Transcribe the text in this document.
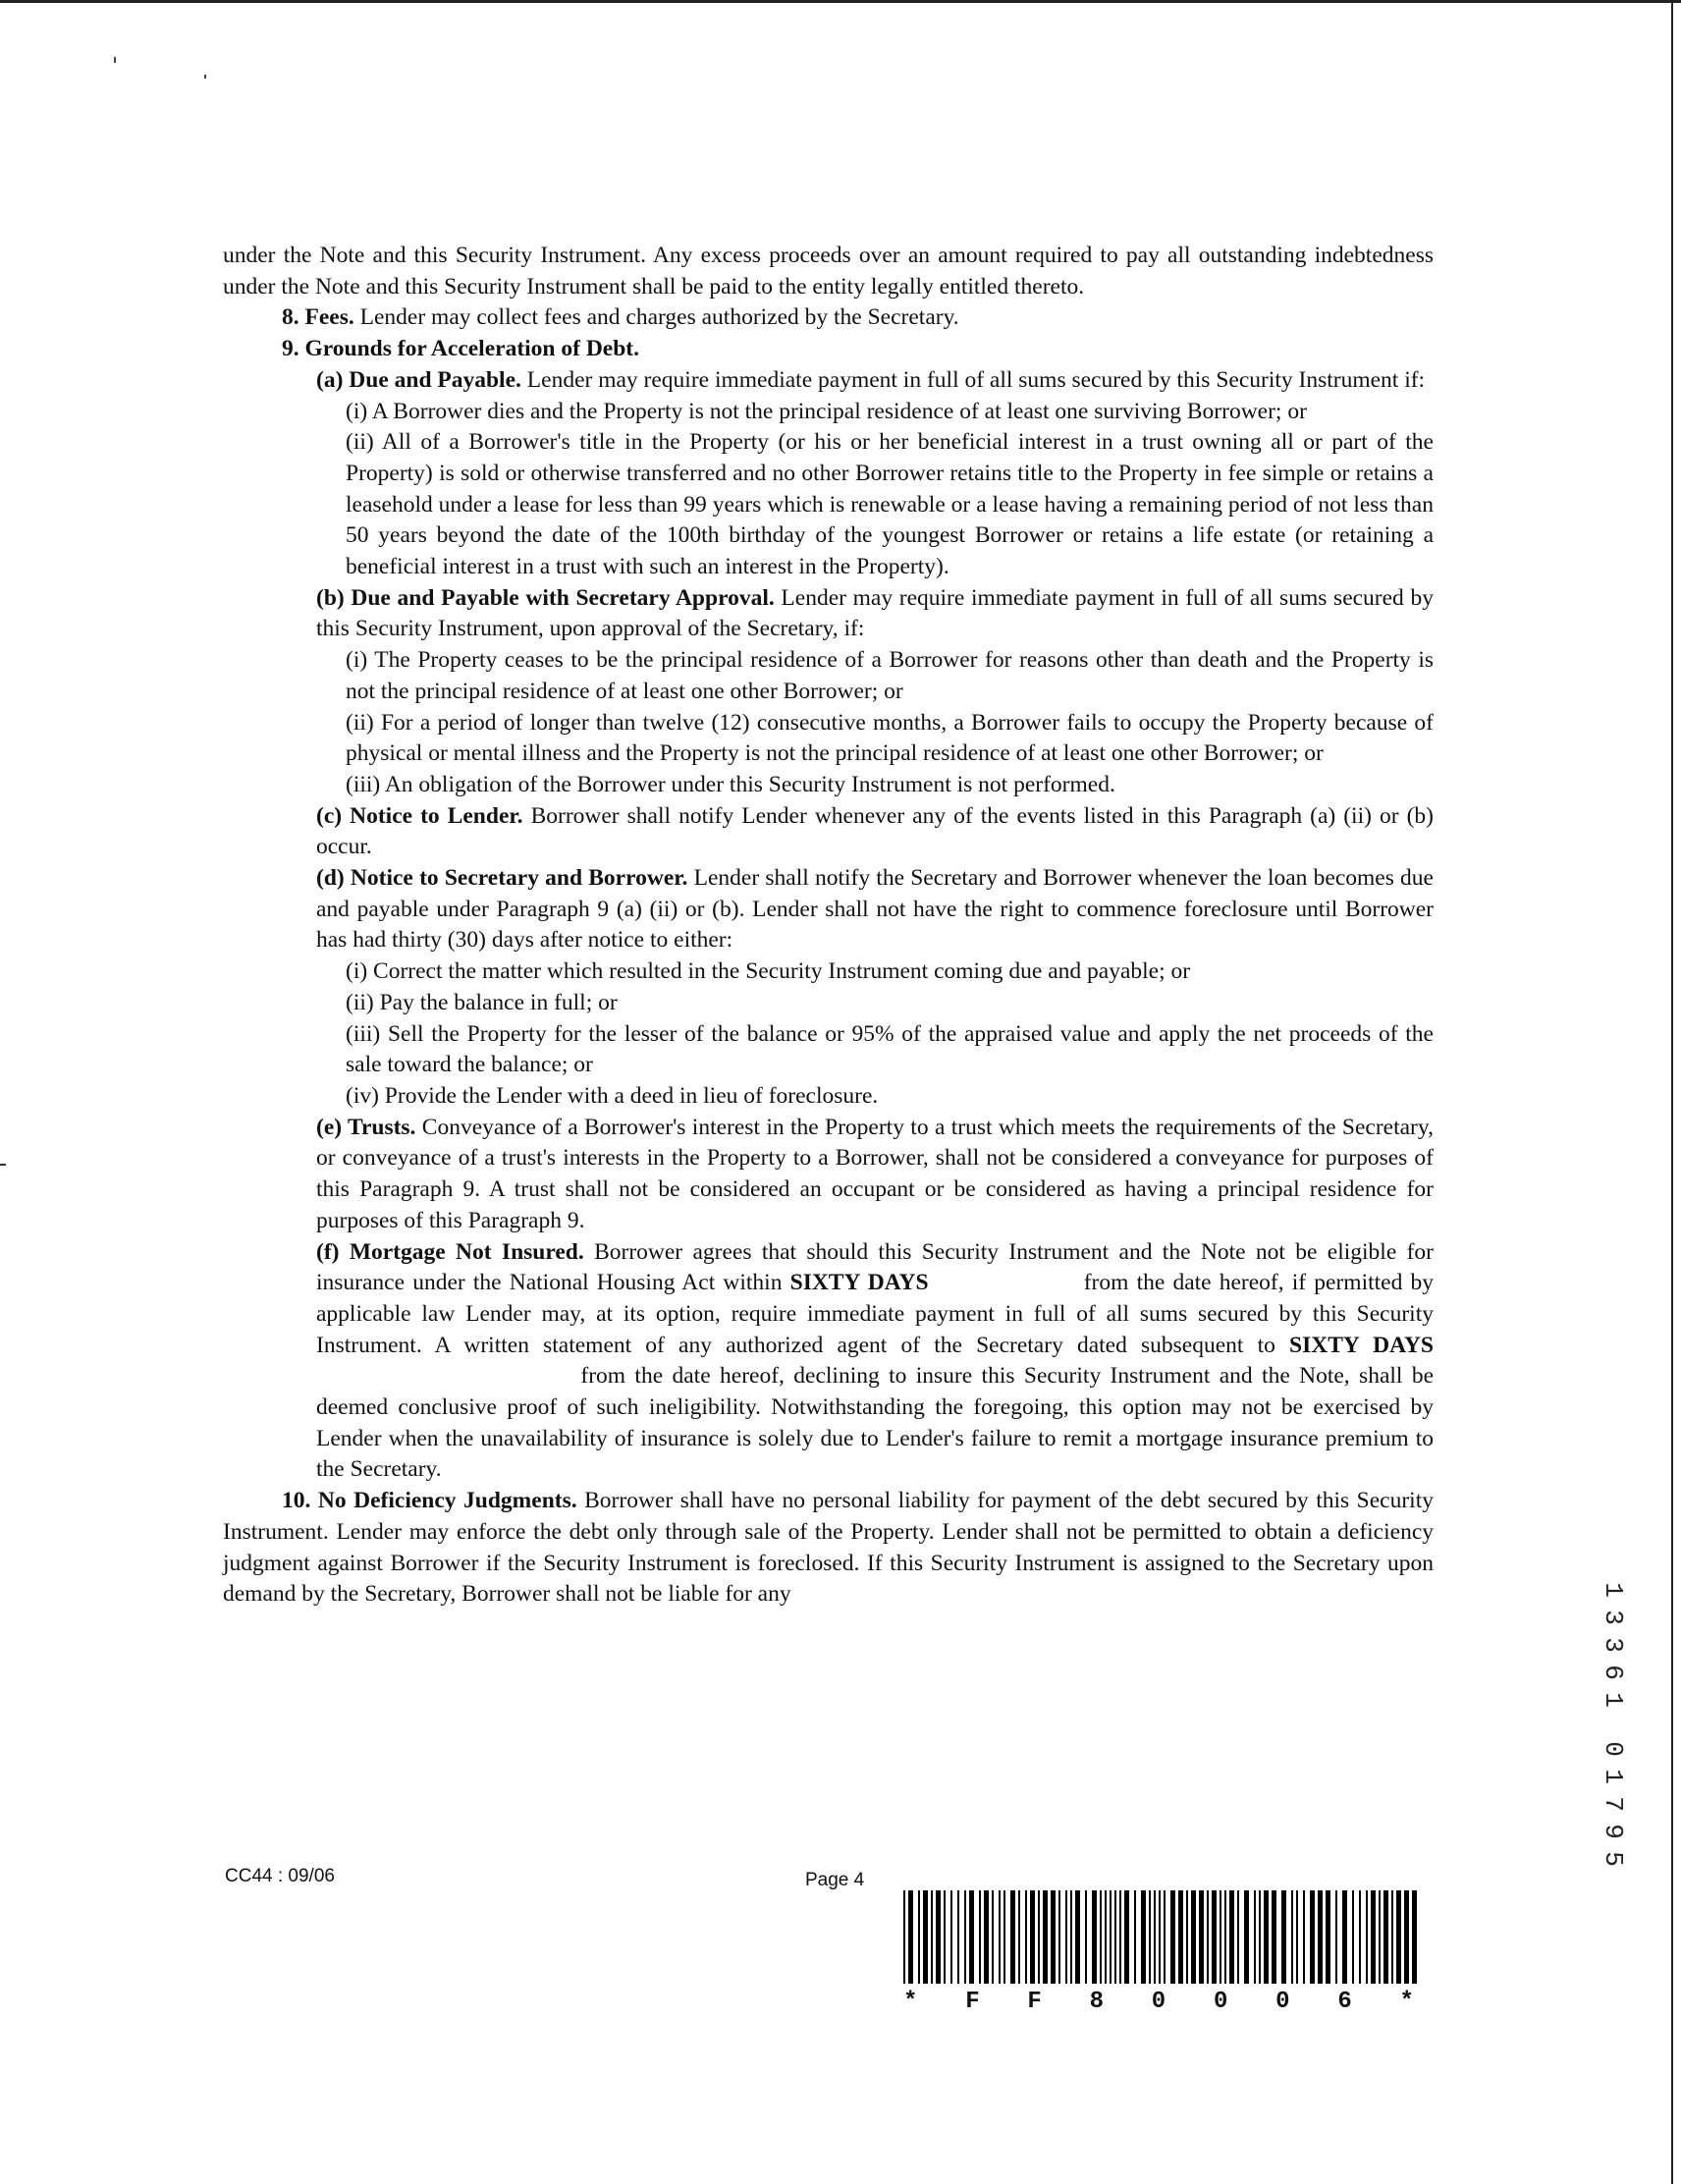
under the Note and this Security Instrument. Any excess proceeds over an amount required to pay all outstanding indebtedness under the Note and this Security Instrument shall be paid to the entity legally entitled thereto.

8. Fees. Lender may collect fees and charges authorized by the Secretary.

9. Grounds for Acceleration of Debt.

(a) Due and Payable. Lender may require immediate payment in full of all sums secured by this Security Instrument if:

(i) A Borrower dies and the Property is not the principal residence of at least one surviving Borrower; or

(ii) All of a Borrower's title in the Property (or his or her beneficial interest in a trust owning all or part of the Property) is sold or otherwise transferred and no other Borrower retains title to the Property in fee simple or retains a leasehold under a lease for less than 99 years which is renewable or a lease having a remaining period of not less than 50 years beyond the date of the 100th birthday of the youngest Borrower or retains a life estate (or retaining a beneficial interest in a trust with such an interest in the Property).

(b) Due and Payable with Secretary Approval. Lender may require immediate payment in full of all sums secured by this Security Instrument, upon approval of the Secretary, if:

(i) The Property ceases to be the principal residence of a Borrower for reasons other than death and the Property is not the principal residence of at least one other Borrower; or

(ii) For a period of longer than twelve (12) consecutive months, a Borrower fails to occupy the Property because of physical or mental illness and the Property is not the principal residence of at least one other Borrower; or

(iii) An obligation of the Borrower under this Security Instrument is not performed.

(c) Notice to Lender. Borrower shall notify Lender whenever any of the events listed in this Paragraph (a) (ii) or (b) occur.

(d) Notice to Secretary and Borrower. Lender shall notify the Secretary and Borrower whenever the loan becomes due and payable under Paragraph 9 (a) (ii) or (b). Lender shall not have the right to commence foreclosure until Borrower has had thirty (30) days after notice to either:

(i) Correct the matter which resulted in the Security Instrument coming due and payable; or

(ii) Pay the balance in full; or

(iii) Sell the Property for the lesser of the balance or 95% of the appraised value and apply the net proceeds of the sale toward the balance; or

(iv) Provide the Lender with a deed in lieu of foreclosure.

(e) Trusts. Conveyance of a Borrower's interest in the Property to a trust which meets the requirements of the Secretary, or conveyance of a trust's interests in the Property to a Borrower, shall not be considered a conveyance for purposes of this Paragraph 9. A trust shall not be considered an occupant or be considered as having a principal residence for purposes of this Paragraph 9.

(f) Mortgage Not Insured. Borrower agrees that should this Security Instrument and the Note not be eligible for insurance under the National Housing Act within SIXTY DAYS	from the date hereof, if permitted by applicable law Lender may, at its option, require immediate payment in full of all sums secured by this Security Instrument. A written statement of any authorized agent of the Secretary dated subsequent to SIXTY DAYS from the date hereof, declining to insure this Security Instrument and the Note, shall be deemed conclusive proof of such ineligibility. Notwithstanding the foregoing, this option may not be exercised by Lender when the unavailability of insurance is solely due to Lender's failure to remit a mortgage insurance premium to the Secretary.

10. No Deficiency Judgments. Borrower shall have no personal liability for payment of the debt secured by this Security Instrument. Lender may enforce the debt only through sale of the Property. Lender shall not be permitted to obtain a deficiency judgment against Borrower if the Security Instrument is foreclosed. If this Security Instrument is assigned to the Secretary upon demand by the Secretary, Borrower shall not be liable for any

CC44 : 09/06	Page 4
* F F 8 0 0 0 6 *
1
3
3
6
1
0
1
7
9
5
